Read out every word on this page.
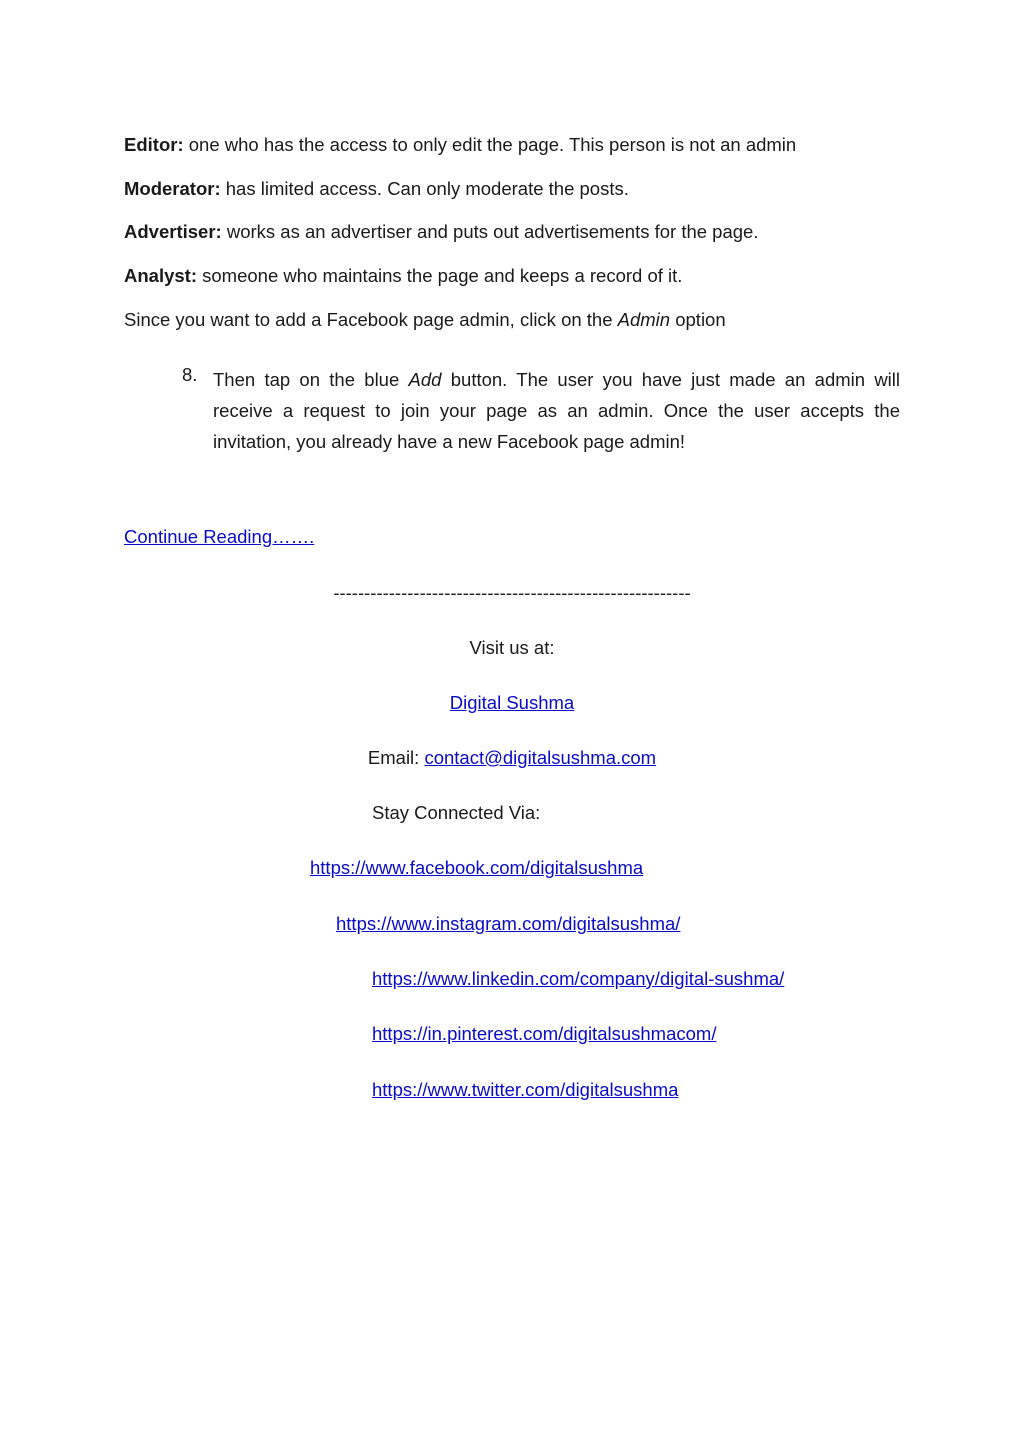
Editor: one who has the access to only edit the page. This person is not an admin
Moderator: has limited access. Can only moderate the posts.
Advertiser: works as an advertiser and puts out advertisements for the page.
Analyst: someone who maintains the page and keeps a record of it.
Since you want to add a Facebook page admin, click on the Admin option
8. Then tap on the blue Add button. The user you have just made an admin will
receive a request to join your page as an admin. Once the user accepts the
invitation, you already have a new Facebook page admin!
Continue Reading…….
----------------------------------------------------------
Visit us at:
Digital Sushma
Email: contact@digitalsushma.com
Stay Connected Via:
https://www.facebook.com/digitalsushma
https://www.instagram.com/digitalsushma/
https://www.linkedin.com/company/digital-sushma/
https://in.pinterest.com/digitalsushmacom/
https://www.twitter.com/digitalsushma
